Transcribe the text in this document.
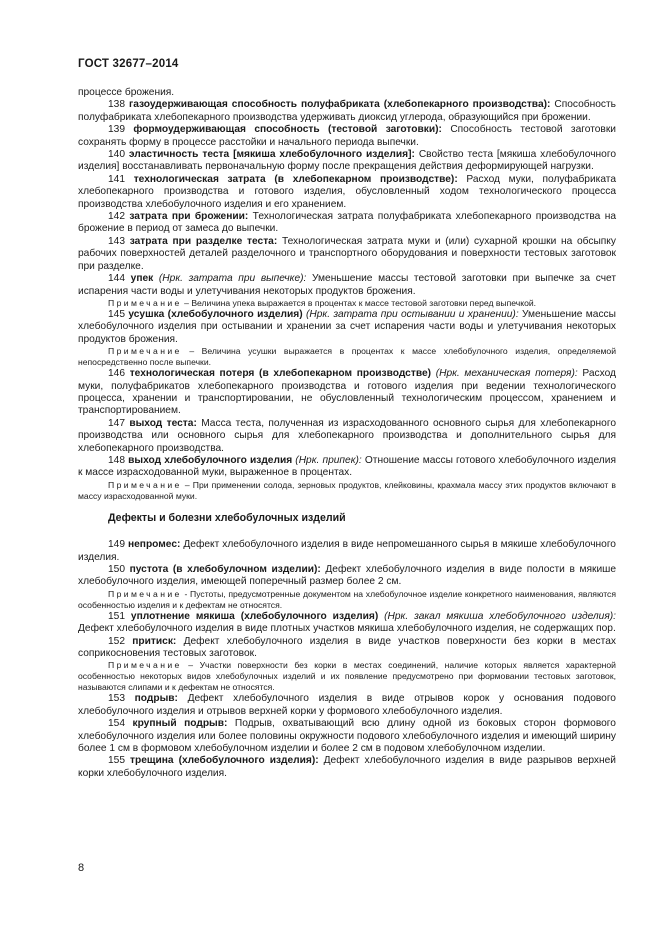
ГОСТ 32677–2014

процессе брожения.

138 газоудерживающая способность полуфабриката (хлебопекарного производства): Способность полуфабриката хлебопекарного производства удерживать диоксид углерода, образующийся при брожении.

139 формоудерживающая способность (тестовой заготовки): Способность тестовой заготовки сохранять форму в процессе расстойки и начального периода выпечки.

140 эластичность теста [мякиша хлебобулочного изделия]: Свойство теста [мякиша хлебобулочного изделия] восстанавливать первоначальную форму после прекращения действия деформирующей нагрузки.

141 технологическая затрата (в хлебопекарном производстве): Расход муки, полуфабриката хлебопекарного производства и готового изделия, обусловленный ходом технологического процесса производства хлебобулочного изделия и его хранением.

142 затрата при брожении: Технологическая затрата полуфабриката хлебопекарного производства на брожение в период от замеса до выпечки.

143 затрата при разделке теста: Технологическая затрата муки и (или) сухарной крошки на обсыпку рабочих поверхностей деталей разделочного и транспортного оборудования и поверхности тестовых заготовок при разделке.

144 упек (Нрк. затрата при выпечке): Уменьшение массы тестовой заготовки при выпечке за счет испарения части воды и улетучивания некоторых продуктов брожения.

Примечание – Величина упека выражается в процентах к массе тестовой заготовки перед выпечкой.

145 усушка (хлебобулочного изделия) (Нрк. затрата при остывании и хранении): Уменьшение массы хлебобулочного изделия при остывании и хранении за счет испарения части воды и улетучивания некоторых продуктов брожения.

Примечание – Величина усушки выражается в процентах к массе хлебобулочного изделия, определяемой непосредственно после выпечки.

146 технологическая потеря (в хлебопекарном производстве) (Нрк. механическая потеря): Расход муки, полуфабрикатов хлебопекарного производства и готового изделия при ведении технологического процесса, хранении и транспортировании, не обусловленный технологическим процессом, хранением и транспортированием.

147 выход теста: Масса теста, полученная из израсходованного основного сырья для хлебопекарного производства или основного сырья для хлебопекарного производства и дополнительного сырья для хлебопекарного производства.

148 выход хлебобулочного изделия (Нрк. припек): Отношение массы готового хлебобулочного изделия к массе израсходованной муки, выраженное в процентах.

Примечание – При применении солода, зерновых продуктов, клейковины, крахмала массу этих продуктов включают в массу израсходованной муки.

Дефекты и болезни хлебобулочных изделий

149 непромес: Дефект хлебобулочного изделия в виде непромешанного сырья в мякише хлебобулочного изделия.

150 пустота (в хлебобулочном изделии): Дефект хлебобулочного изделия в виде полости в мякише хлебобулочного изделия, имеющей поперечный размер более 2 см.

Примечание - Пустоты, предусмотренные документом на хлебобулочное изделие конкретного наименования, являются особенностью изделия и к дефектам не относятся.

151 уплотнение мякиша (хлебобулочного изделия) (Нрк. закал мякиша хлебобулочного изделия): Дефект хлебобулочного изделия в виде плотных участков мякиша хлебобулочного изделия, не содержащих пор.

152 притиск: Дефект хлебобулочного изделия в виде участков поверхности без корки в местах соприкосновения тестовых заготовок.

Примечание – Участки поверхности без корки в местах соединений, наличие которых является характерной особенностью некоторых видов хлебобулочных изделий и их появление предусмотрено при формовании тестовых заготовок, называются слипами и к дефектам не относятся.

153 подрыв: Дефект хлебобулочного изделия в виде отрывов корок у основания подового хлебобулочного изделия и отрывов верхней корки у формового хлебобулочного изделия.

154 крупный подрыв: Подрыв, охватывающий всю длину одной из боковых сторон формового хлебобулочного изделия или более половины окружности подового хлебобулочного изделия и имеющий ширину более 1 см в формовом хлебобулочном изделии и более 2 см в подовом хлебобулочном изделии.

155 трещина (хлебобулочного изделия): Дефект хлебобулочного изделия в виде разрывов верхней корки хлебобулочного изделия.

8
